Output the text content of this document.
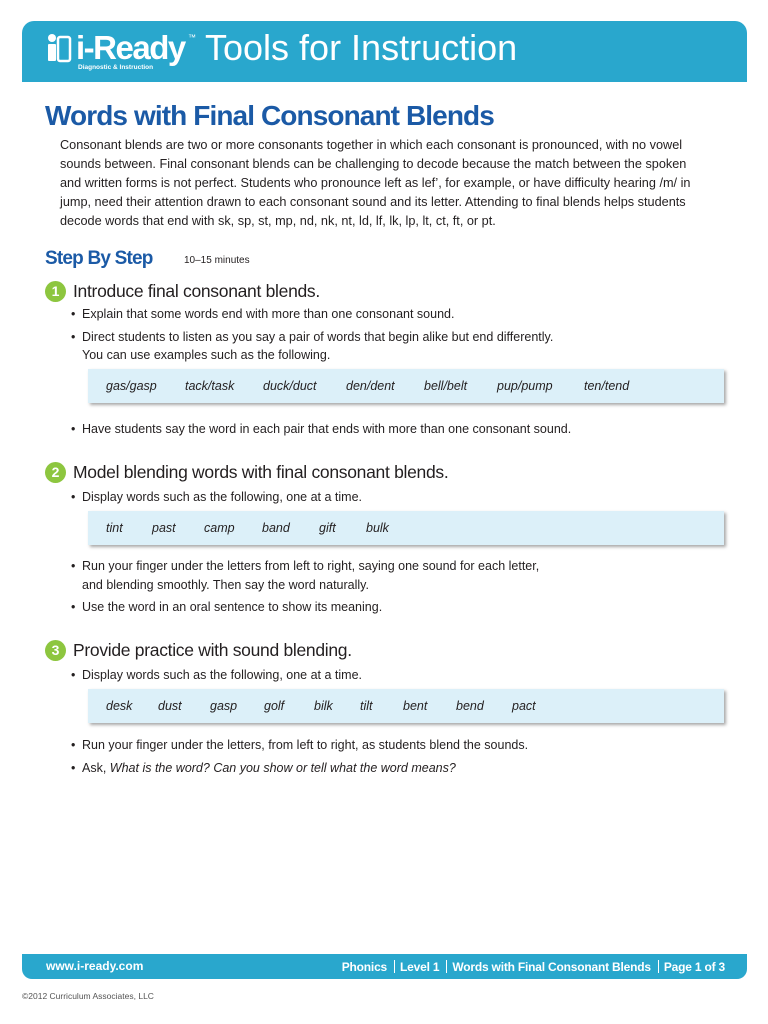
i-Ready ™
Diagnostic & Instruction Tools for Instruction
Words with Final Consonant Blends

Consonant blends are two or more consonants together in which each consonant is pronounced, with no vowel

sounds between. Final consonant blends can be challenging to decode because the match between the spoken

and written forms is not perfect. Students who pronounce left as lef’, for example, or have difficulty hearing /m/ in

jump, need their attention drawn to each consonant sound and its letter. Attending to final blends helps students

decode words that end with sk, sp, st, mp, nd, nk, nt, ld, lf, lk, lp, lt, ct, ft, or pt.

Step By Step	10–15 minutes
1 Introduce final consonant blends.
• Explain that some words end with more than one consonant sound.
• Direct students to listen as you say a pair of words that begin alike but end differently.
You can use examples such as the following.
gas/gasp tack/task duck/duct den/dent bell/belt pup/pump	ten/tend
• Have students say the word in each pair that ends with more than one consonant sound.
2 Model blending words with final consonant blends.
• Display words such as the following, one at a time.
tint past camp band gift bulk
• Run your finger under the letters from left to right, saying one sound for each letter,
and blending smoothly. Then say the word naturally.
• Use the word in an oral sentence to show its meaning.
3 Provide practice with sound blending.
• Display words such as the following, one at a time.
desk dust gasp golf bilk tilt bent bend pact
• Run your finger under the letters, from left to right, as students blend the sounds.
• Ask, What is the word? Can you show or tell what the word means?
www.i-ready.com	Phonics Level 1 Words with Final Consonant Blends Page 1 of 3
©2012 Curriculum Associates, LLC
